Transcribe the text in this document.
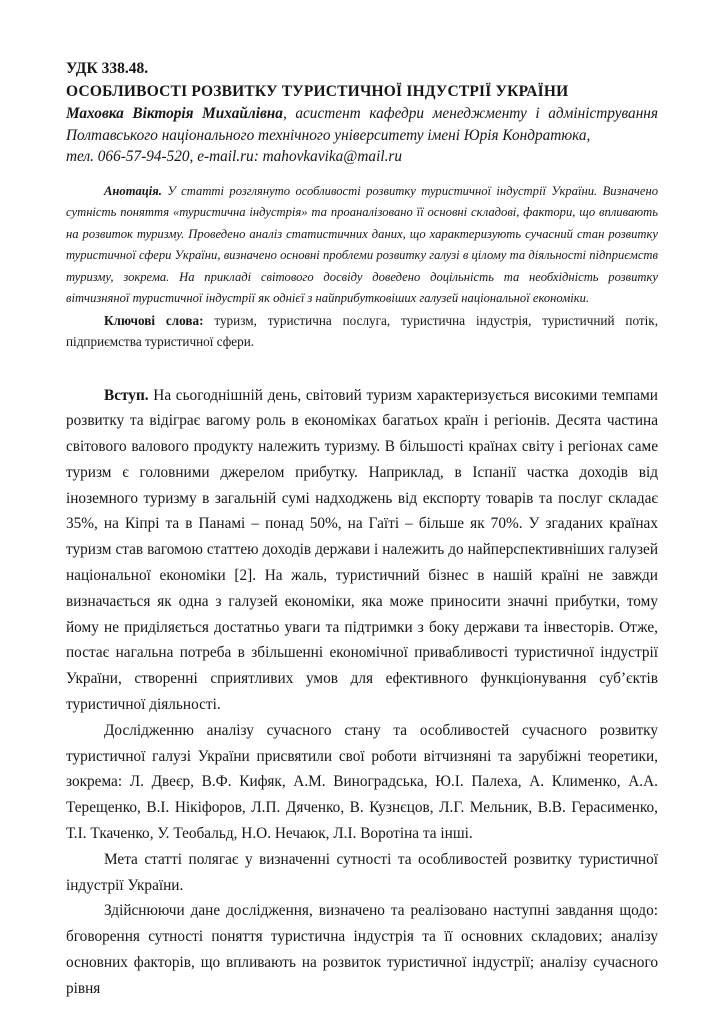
УДК 338.48.

ОСОБЛИВОСТІ РОЗВИТКУ ТУРИСТИЧНОЇ ІНДУСТРІЇ УКРАЇНИ

Маховка Вікторія Михайлівна, асистент кафедри менеджменту і адміністрування Полтавського національного технічного університету імені Юрія Кондратюка,
тел. 066-57-94-520, e-mail.ru: mahovkavika@mail.ru

Анотація. У статті розглянуто особливості розвитку туристичної індустрії України. Визначено сутність поняття «туристична індустрія» та проаналізовано її основні складові, фактори, що впливають на розвиток туризму. Проведено аналіз статистичних даних, що характеризують сучасний стан розвитку туристичної сфери України, визначено основні проблеми розвитку галузі в цілому та діяльності підприємств туризму, зокрема. На прикладі світового досвіду доведено доцільність та необхідність розвитку вітчизняної туристичної індустрії як однієї з найприбутковіших галузей національної економіки.

Ключові слова: туризм, туристична послуга, туристична індустрія, туристичний потік, підприємства туристичної сфери.

Вступ. На сьогоднішній день, світовий туризм характеризується високими темпами розвитку та відіграє вагому роль в економіках багатьох країн і регіонів. Десята частина світового валового продукту належить туризму. В більшості країнах світу і регіонах саме туризм є головними джерелом прибутку. Наприклад, в Іспанії частка доходів від іноземного туризму в загальній сумі надходжень від експорту товарів та послуг складає 35%, на Кіпрі та в Панамі – понад 50%, на Гаїті – більше як 70%. У згаданих країнах туризм став вагомою статтею доходів держави і належить до найперспективніших галузей національної економіки [2]. На жаль, туристичний бізнес в нашій країні не завжди визначається як одна з галузей економіки, яка може приносити значні прибутки, тому йому не приділяється достатньо уваги та підтримки з боку держави та інвесторів. Отже, постає нагальна потреба в збільшенні економічної привабливості туристичної індустрії України, створенні сприятливих умов для ефективного функціонування суб’єктів туристичної діяльності.

Дослідженню аналізу сучасного стану та особливостей сучасного розвитку туристичної галузі України присвятили свої роботи вітчизняні та зарубіжні теоретики, зокрема: Л. Двеєр, В.Ф. Кифяк, А.М. Виноградська, Ю.І. Палеха, А. Клименко, А.А. Терещенко, В.І. Нікіфоров, Л.П. Дяченко, В. Кузнєцов, Л.Г. Мельник, В.В. Герасименко, Т.І. Ткаченко, У. Теобальд, Н.О. Нечаюк, Л.І. Воротіна та інші.

Мета статті полягає у визначенні сутності та особливостей розвитку туристичної індустрії України.

Здійснюючи дане дослідження, визначено та реалізовано наступні завдання щодо: бговорення сутності поняття туристична індустрія та її основних складових; аналізу основних факторів, що впливають на розвиток туристичної індустрії; аналізу сучасного рівня
